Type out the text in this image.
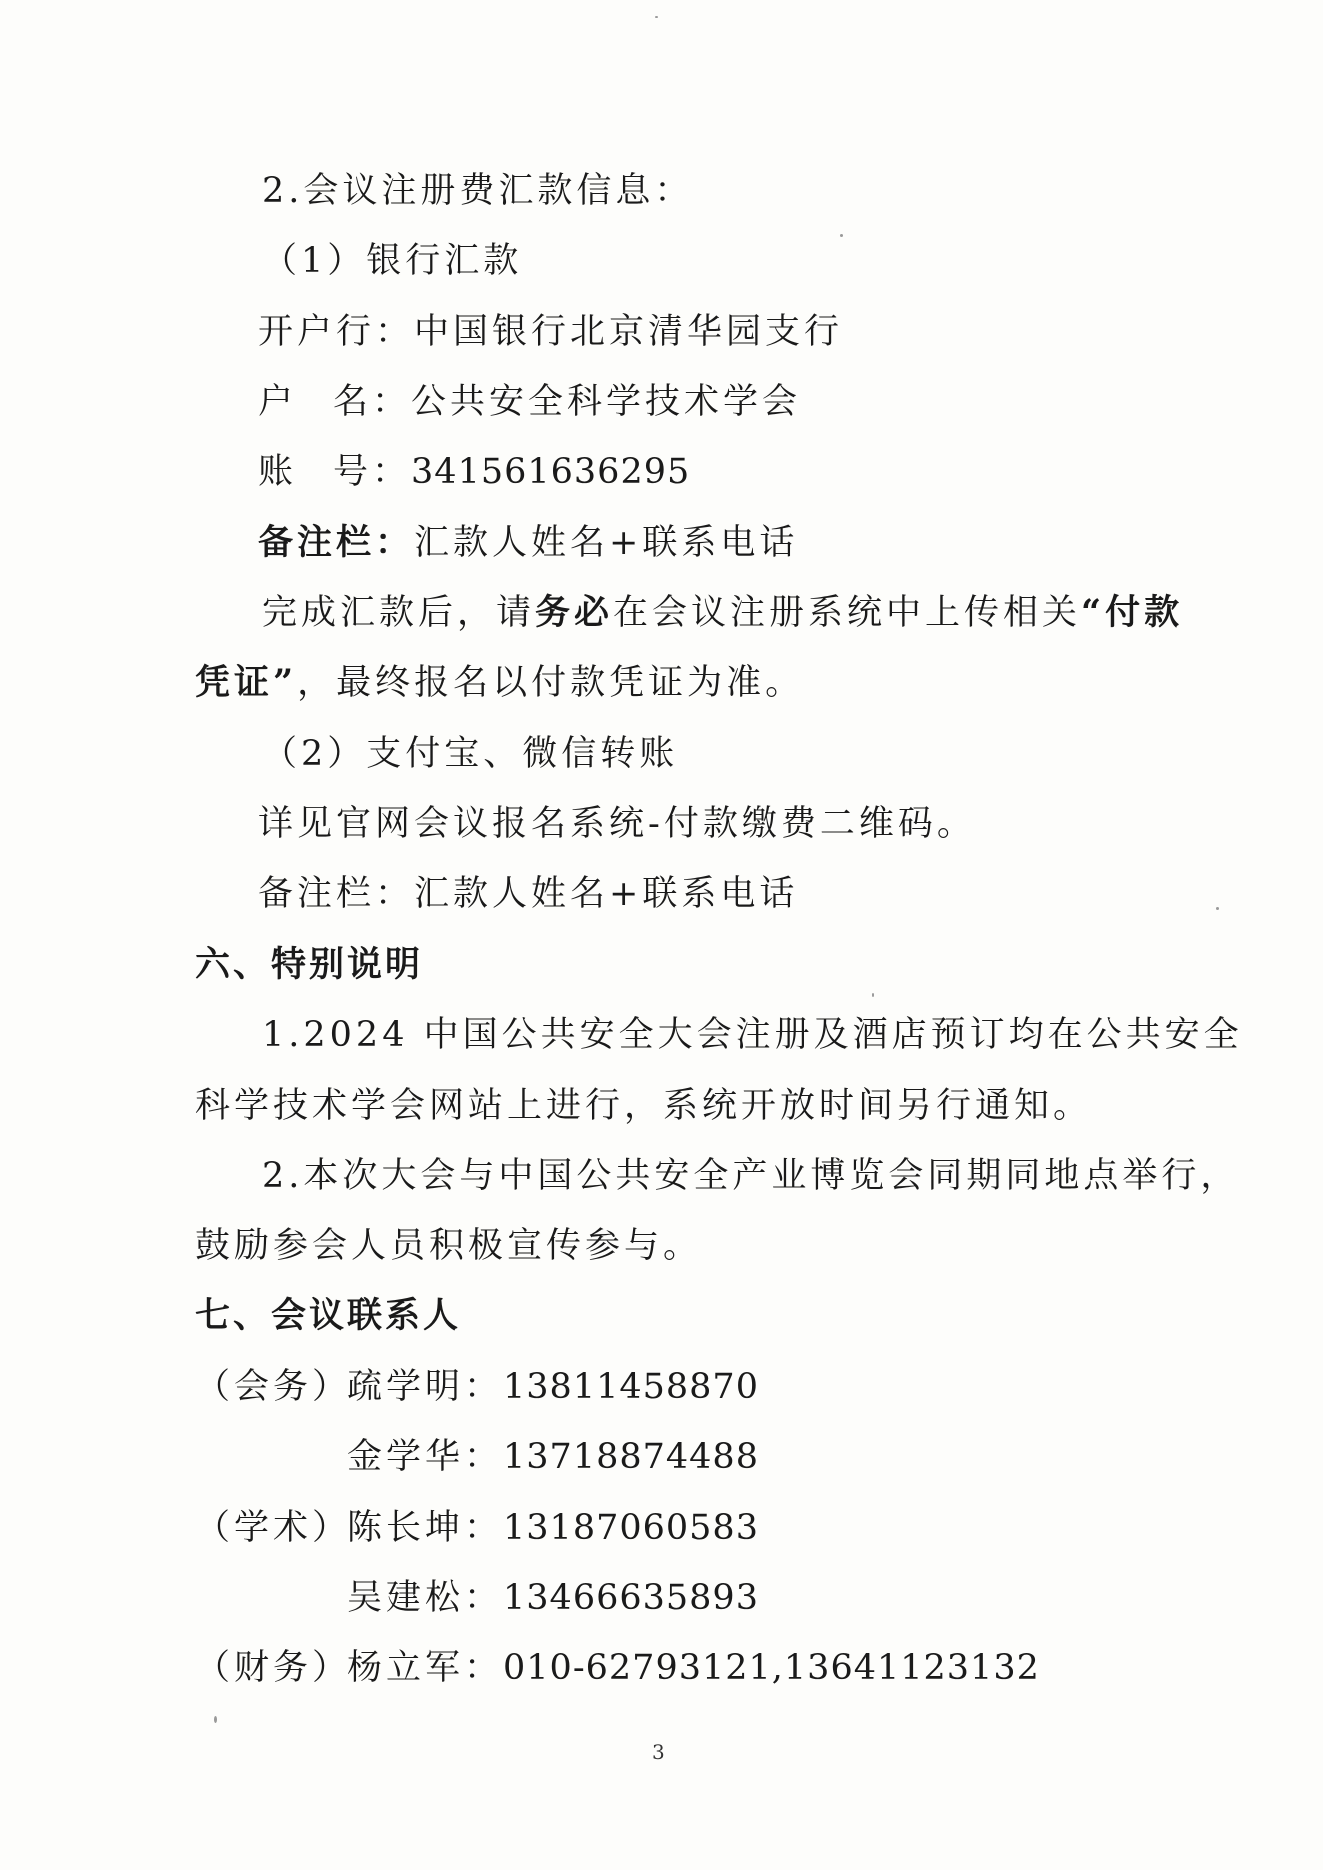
2.会议注册费汇款信息：
（1）银行汇款
开户行：中国银行北京清华园支行
户 名：公共安全科学技术学会
账 号：341561636295
备注栏：汇款人姓名+联系电话
完成汇款后，请务必在会议注册系统中上传相关“付款
凭证”，最终报名以付款凭证为准。
（2）支付宝、微信转账
详见官网会议报名系统-付款缴费二维码。
备注栏：汇款人姓名+联系电话
六、特别说明
1.2024 中国公共安全大会注册及酒店预订均在公共安全
科学技术学会网站上进行，系统开放时间另行通知。
2.本次大会与中国公共安全产业博览会同期同地点举行，
鼓励参会人员积极宣传参与。
七、会议联系人
（会务）疏学明：13811458870
金学华：13718874488
（学术）陈长坤：13187060583
吴建松：13466635893
（财务）杨立军：010-62793121,13641123132
3
